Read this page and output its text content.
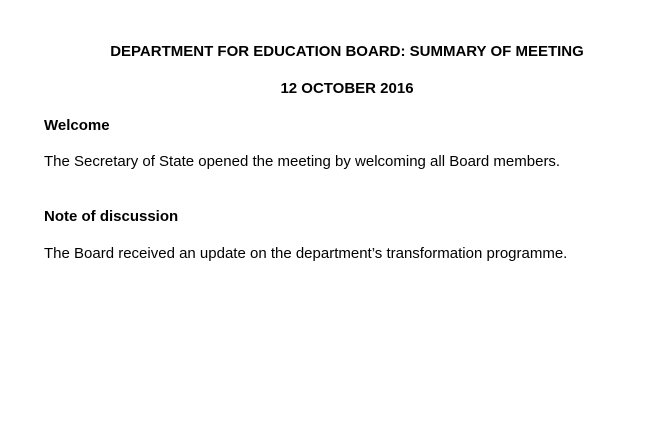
DEPARTMENT FOR EDUCATION BOARD: SUMMARY OF MEETING
12 OCTOBER 2016
Welcome

The Secretary of State opened the meeting by welcoming all Board members.

Note of discussion

The Board received an update on the department’s transformation programme.
